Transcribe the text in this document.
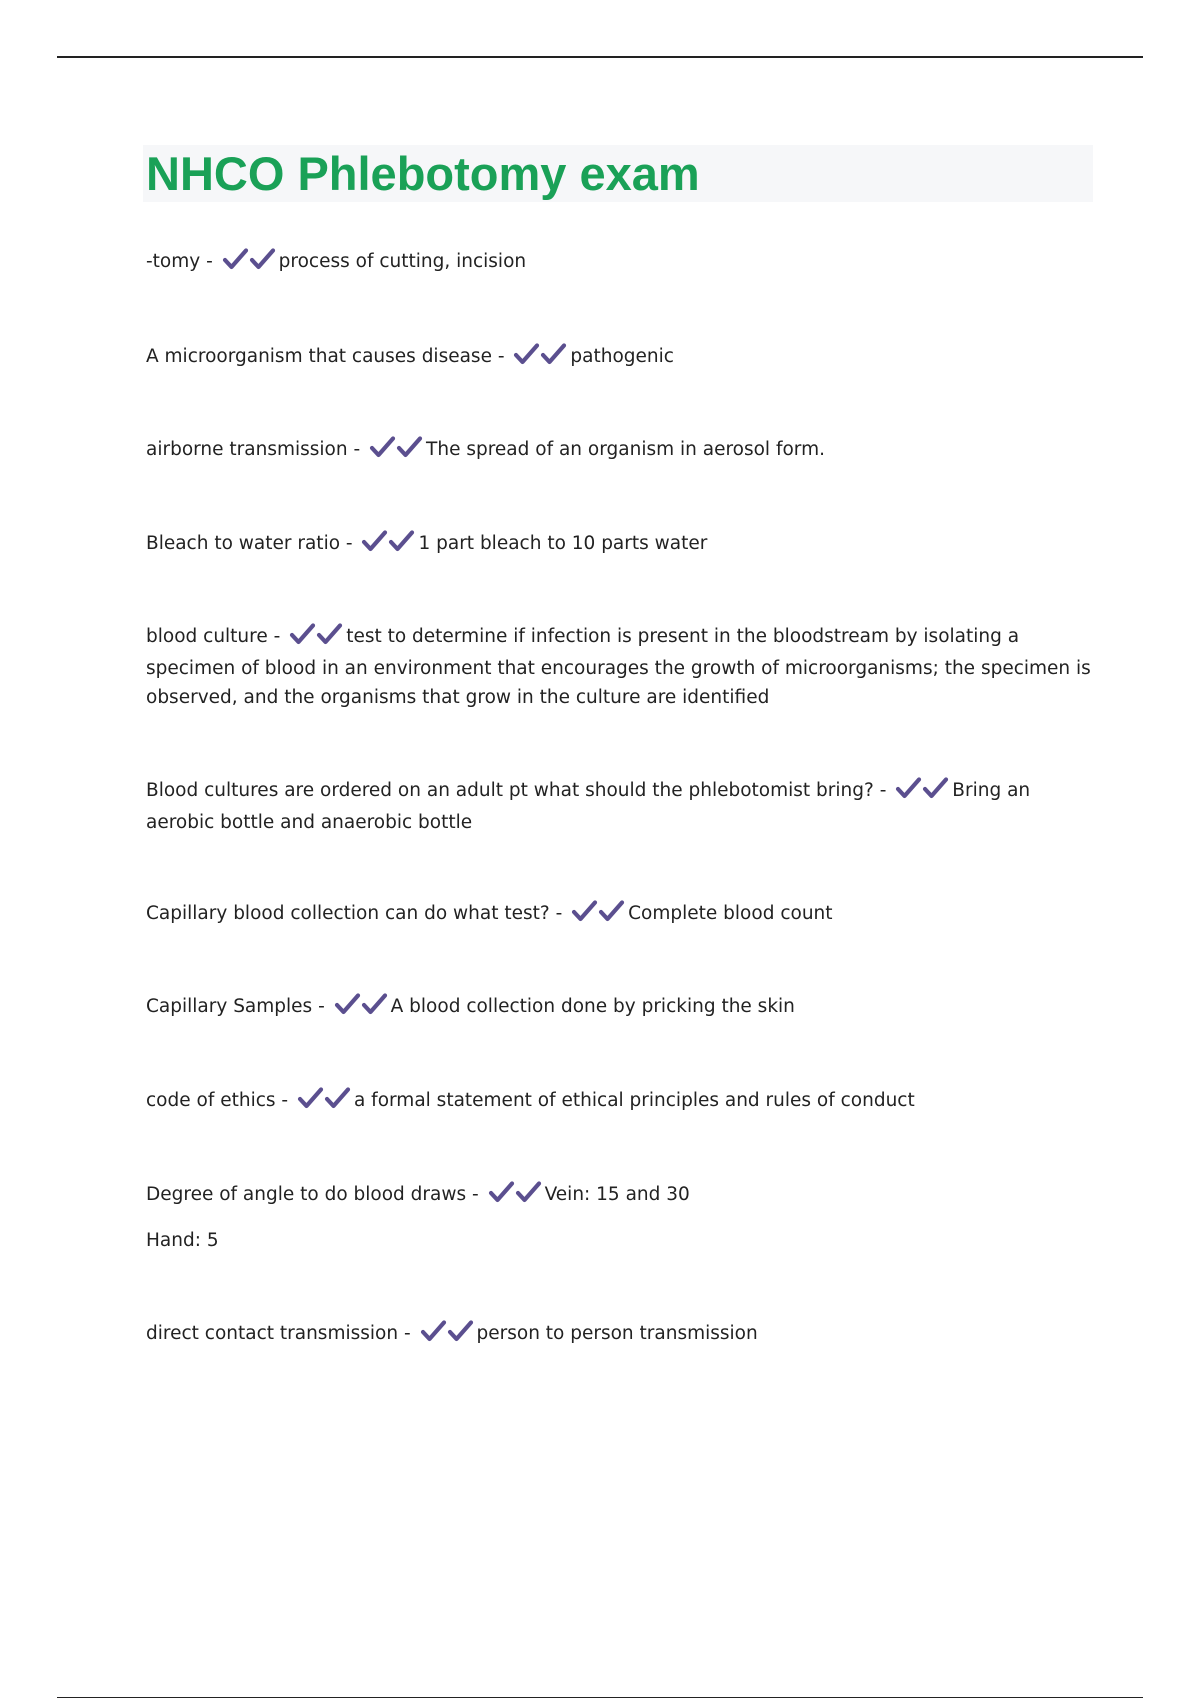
NHCO Phlebotomy exam

-tomy -	process of cutting, incision

A microorganism that causes disease -	pathogenic

airborne transmission -	The spread of an organism in aerosol form.

Bleach to water ratio -	1 part bleach to 10 parts water

blood culture -	test to determine if infection is present in the bloodstream by isolating a specimen of blood in an environment that encourages the growth of microorganisms; the specimen is observed, and the organisms that grow in the culture are identified

Blood cultures are ordered on an adult pt what should the phlebotomist bring? -	Bring an aerobic bottle and anaerobic bottle

Capillary blood collection can do what test? -	Complete blood count

Capillary Samples -	A blood collection done by pricking the skin

code of ethics -	a formal statement of ethical principles and rules of conduct

Degree of angle to do blood draws -	Vein: 15 and 30

Hand: 5

direct contact transmission -	person to person transmission
